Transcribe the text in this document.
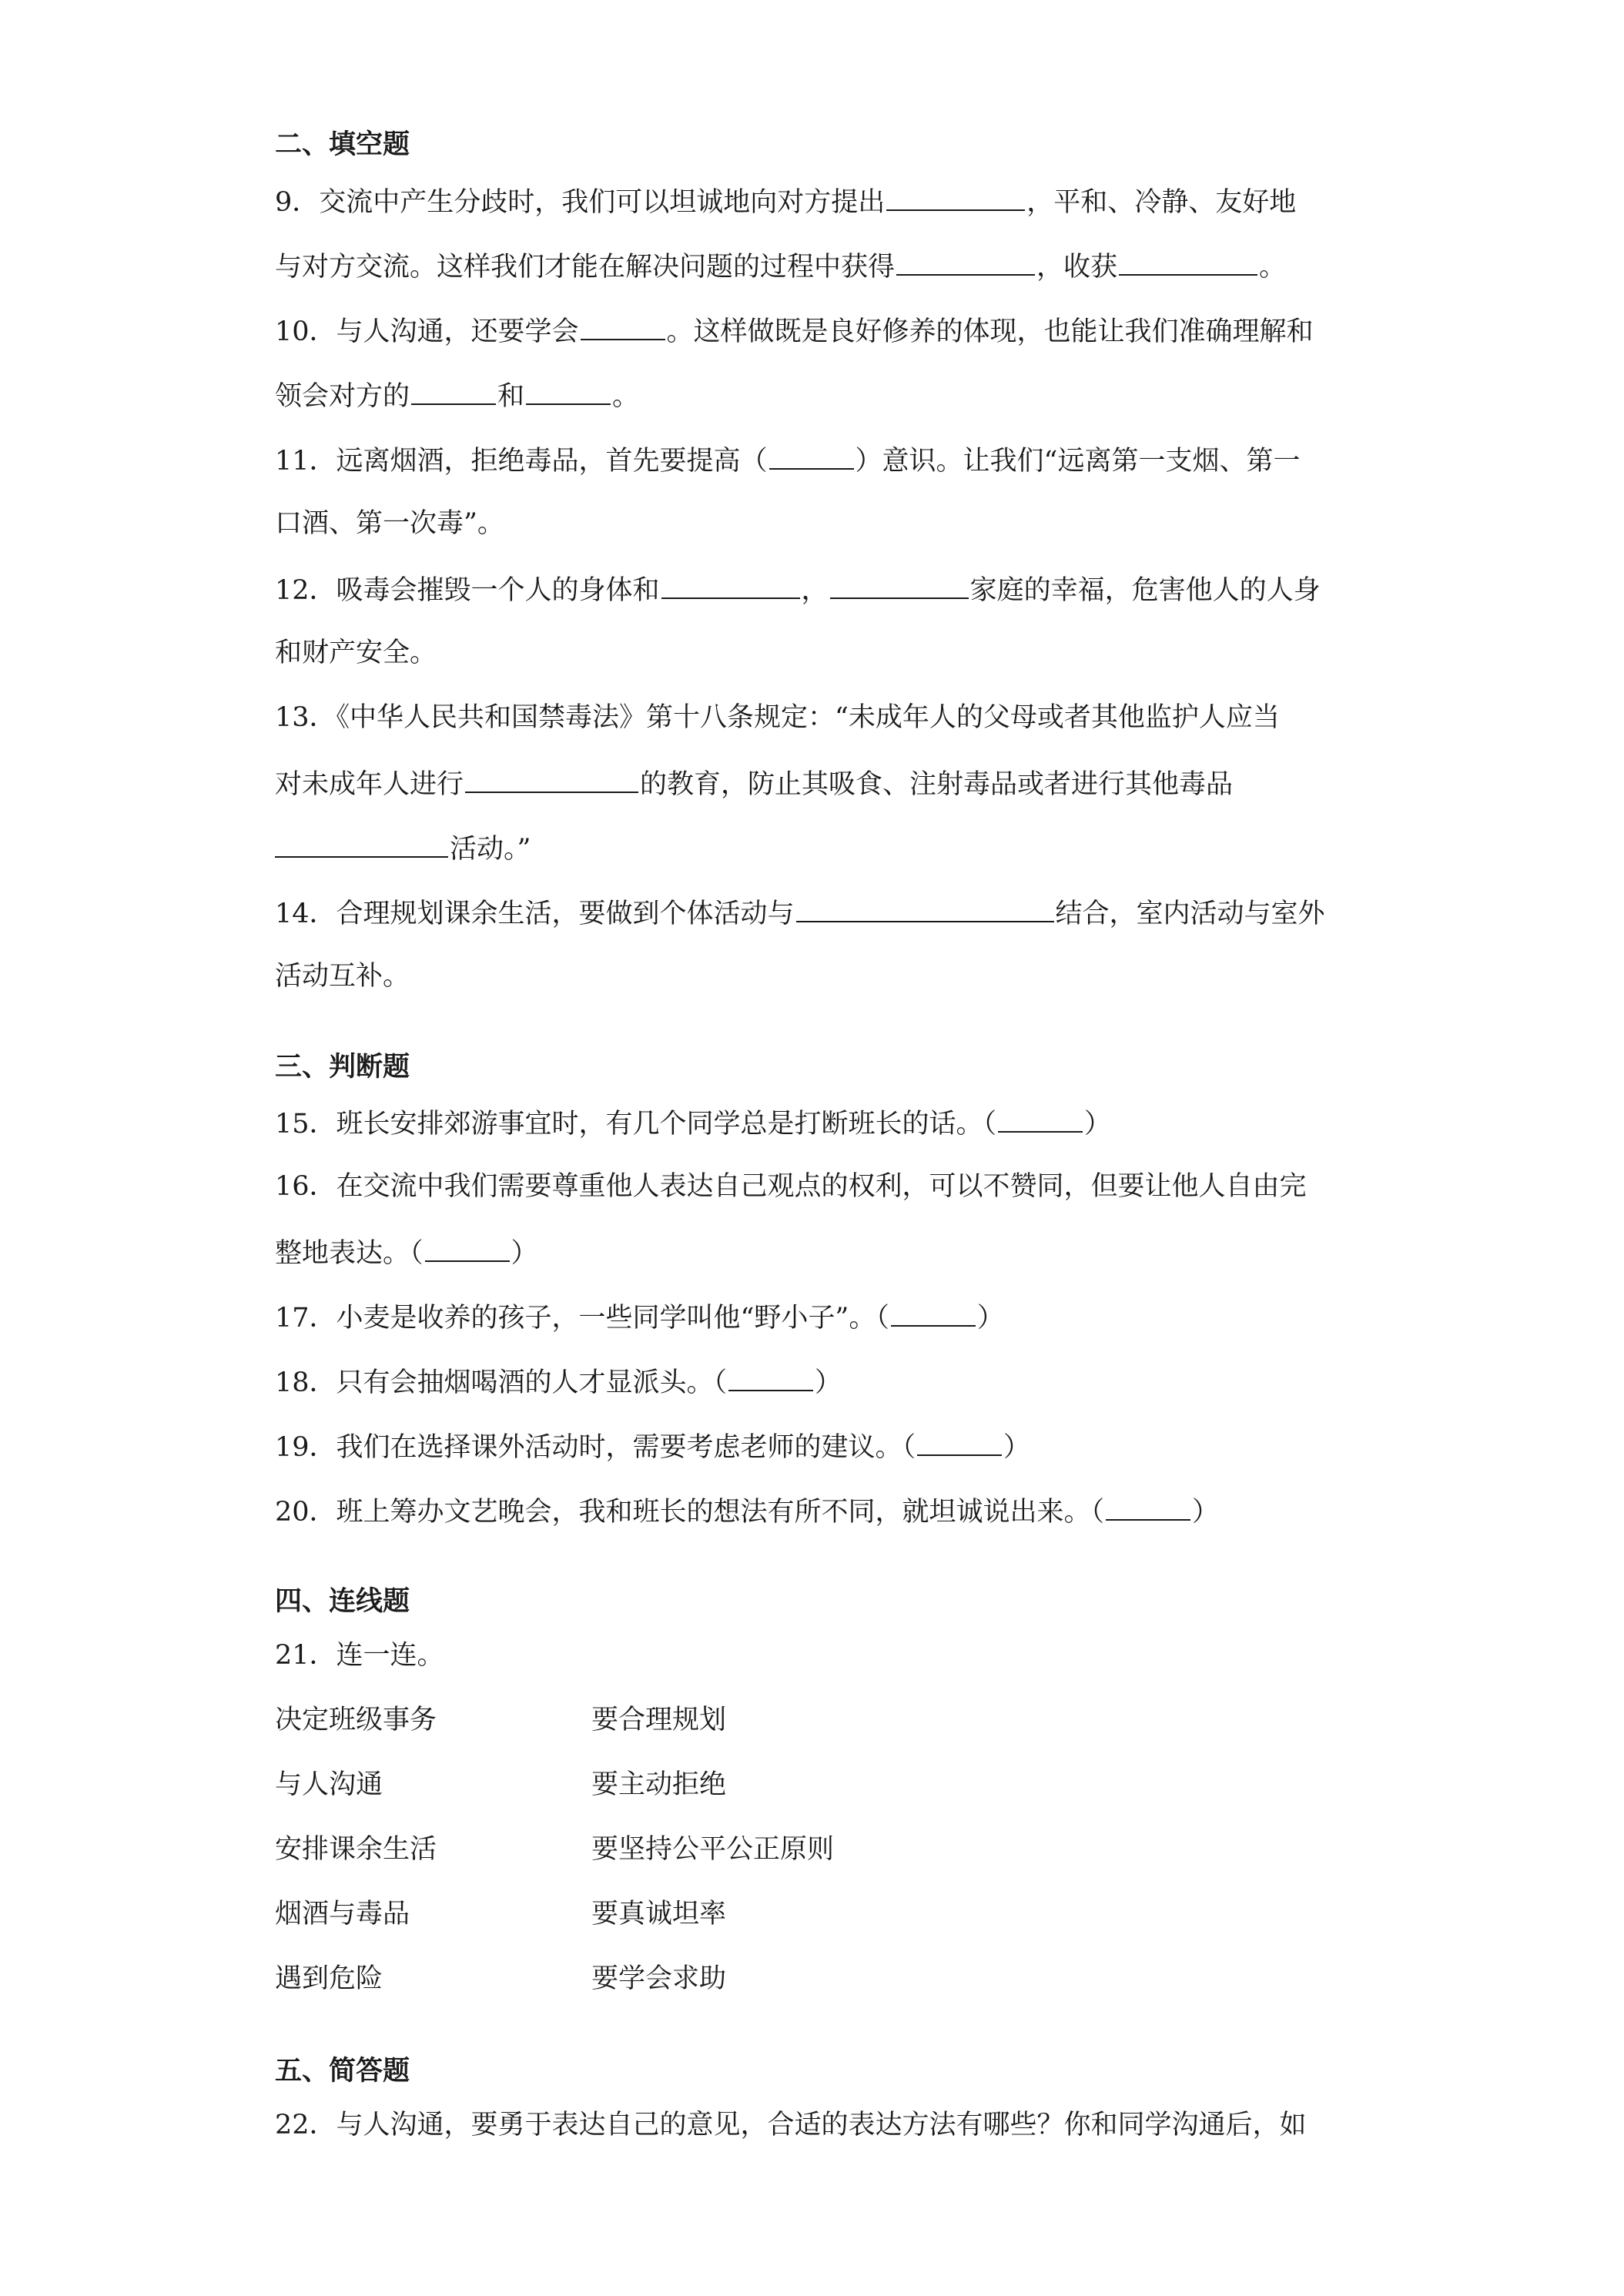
二、填空题
9．交流中产生分歧时，我们可以坦诚地向对方提出	，平和、冷静、友好地
与对方交流。这样我们才能在解决问题的过程中获得	，收获	。
10．与人沟通，还要学会	。这样做既是良好修养的体现，也能让我们准确理解和
领会对方的	和	。
11．远离烟酒，拒绝毒品，首先要提高（	）意识。让我们“远离第一支烟、第一
口酒、第一次毒”。
12．吸毒会摧毁一个人的身体和	，	家庭的幸福，危害他人的人身
和财产安全。
13．《中华人民共和国禁毒法》第十八条规定：“未成年人的父母或者其他监护人应当
对未成年人进行	的教育，防止其吸食、注射毒品或者进行其他毒品
活动。”
14．合理规划课余生活，要做到个体活动与	结合，室内活动与室外
活动互补。
三、判断题
15．班长安排郊游事宜时，有几个同学总是打断班长的话。（	）
16．在交流中我们需要尊重他人表达自己观点的权利，可以不赞同，但要让他人自由完
整地表达。（	）
17．小麦是收养的孩子，一些同学叫他“野小子”。（	）
18．只有会抽烟喝酒的人才显派头。（	）
19．我们在选择课外活动时，需要考虑老师的建议。（	）
20．班上筹办文艺晚会，我和班长的想法有所不同，就坦诚说出来。（	）
四、连线题
21．连一连。
决定班级事务	要合理规划
与人沟通	要主动拒绝
安排课余生活	要坚持公平公正原则
烟酒与毒品	要真诚坦率
遇到危险	要学会求助
五、简答题
22．与人沟通，要勇于表达自己的意见，合适的表达方法有哪些？你和同学沟通后，如
